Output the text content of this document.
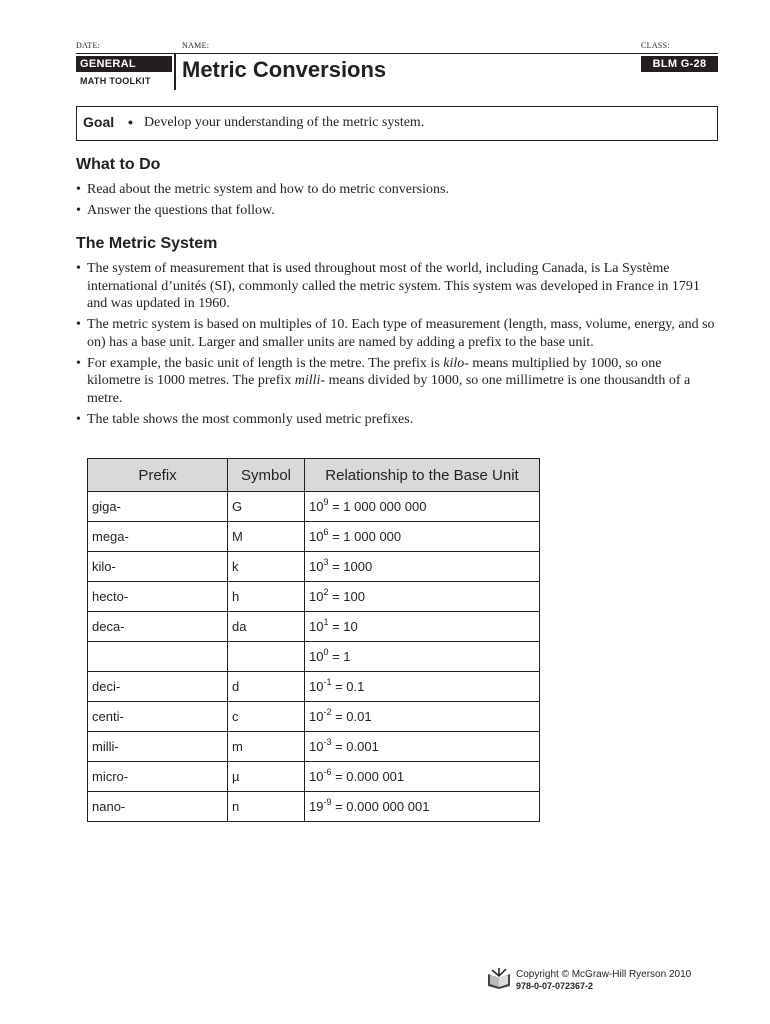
DATE:	NAME:	CLASS:
GENERAL
MATH TOOLKIT Metric Conversions	BLM G-28
Goal • Develop your understanding of the metric system.
What to Do
• Read about the metric system and how to do metric conversions.
• Answer the questions that follow.
The Metric System
• The system of measurement that is used throughout most of the world, including Canada, is La Système international d’unités (SI), commonly called the metric system. This system was developed in France in 1791 and was updated in 1960.
• The metric system is based on multiples of 10. Each type of measurement (length, mass, volume, energy, and so on) has a base unit. Larger and smaller units are named by adding a prefix to the base unit.
• For example, the basic unit of length is the metre. The prefix is kilo- means multiplied by 1000, so one kilometre is 1000 metres. The prefix milli- means divided by 1000, so one millimetre is one thousandth of a metre.
• The table shows the most commonly used metric prefixes.
Prefix	Symbol	Relationship to the Base Unit
giga-	G	$10^9 = 1$ 000 000 000
mega-	M	$10^6 = 1$ 000 000
kilo-	k	$10^3 = 1000$
hecto-	h	$10^2 = 100$
deca-	da	$10^1 = 10$
		$10^0 = 1$
deci-	d	$10^{-1} = 0.1$
centi-	c	$10^{-2} = 0.01$
milli-	m	$10^{-3} = 0.001$
micro-	µ	$10^{-6} = 0.000$ 001
nano-	n	$19^{-9} = 0.000$ 000 001
Copyright © McGraw-Hill Ryerson 2010
978-0-07-072367-2
